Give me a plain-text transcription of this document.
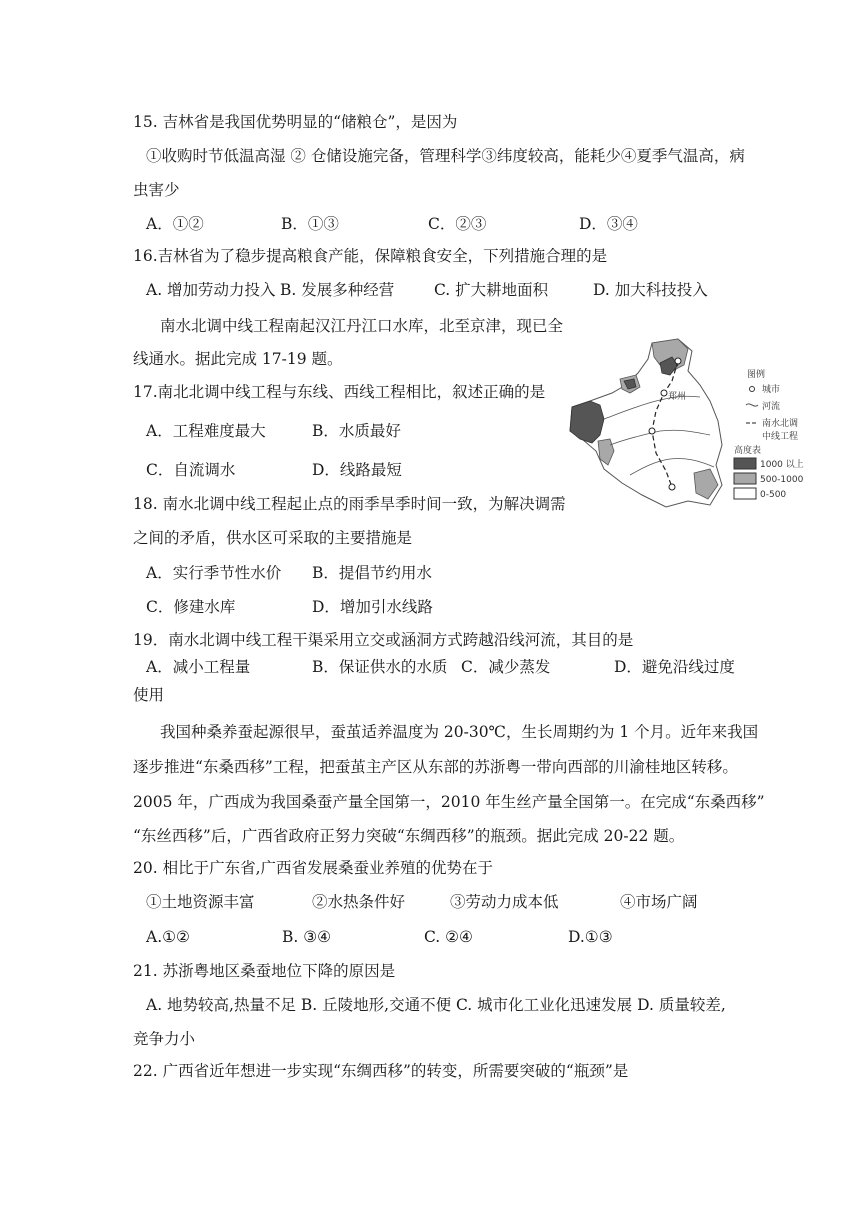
15. 吉林省是我国优势明显的“储粮仓”，是因为
①收购时节低温高湿 ② 仓储设施完备，管理科学③纬度较高，能耗少④夏季气温高，病
虫害少
A．①②	B．①③	C．②③	D．③④
16.吉林省为了稳步提高粮食产能，保障粮食安全，下列措施合理的是
A. 增加劳动力投入 B. 发展多种经营	C. 扩大耕地面积	D. 加大科技投入
南水北调中线工程南起汉江丹江口水库，北至京津，现已全
线通水。据此完成 17-19 题。
17.南北北调中线工程与东线、西线工程相比，叙述正确的是
A．工程难度最大	B．水质最好
C．自流调水	D．线路最短
18. 南水北调中线工程起止点的雨季旱季时间一致，为解决调需
之间的矛盾，供水区可采取的主要措施是
A．实行季节性水价 B．提倡节约用水
C．修建水库	D．增加引水线路
19．南水北调中线工程干渠采用立交或涵洞方式跨越沿线河流，其目的是
A．减小工程量	B．保证供水的水质 C．减少蒸发	D．避免沿线过度
使用
我国种桑养蚕起源很早，蚕茧适养温度为 20-30℃，生长周期约为 1 个月。近年来我国
逐步推进“东桑西移”工程，把蚕茧主产区从东部的苏浙粤一带向西部的川渝桂地区转移。
2005 年，广西成为我国桑蚕产量全国第一，2010 年生丝产量全国第一。在完成“东桑西移”
“东丝西移”后，广西省政府正努力突破“东绸西移”的瓶颈。据此完成 20-22 题。
20. 相比于广东省,广西省发展桑蚕业养殖的优势在于
①土地资源丰富	②水热条件好	③劳动力成本低	④市场广阔
A.①②	B. ③④	C. ②④	D.①③
21. 苏浙粤地区桑蚕地位下降的原因是
A. 地势较高,热量不足 B. 丘陵地形,交通不便 C. 城市化工业化迅速发展 D. 质量较差,
竞争力小
22. 广西省近年想进一步实现“东绸西移”的转变，所需要突破的“瓶颈”是
郑州
图例
城市
河流
南水北调
中线工程
高度表
1000 以上
500-1000
0-500
